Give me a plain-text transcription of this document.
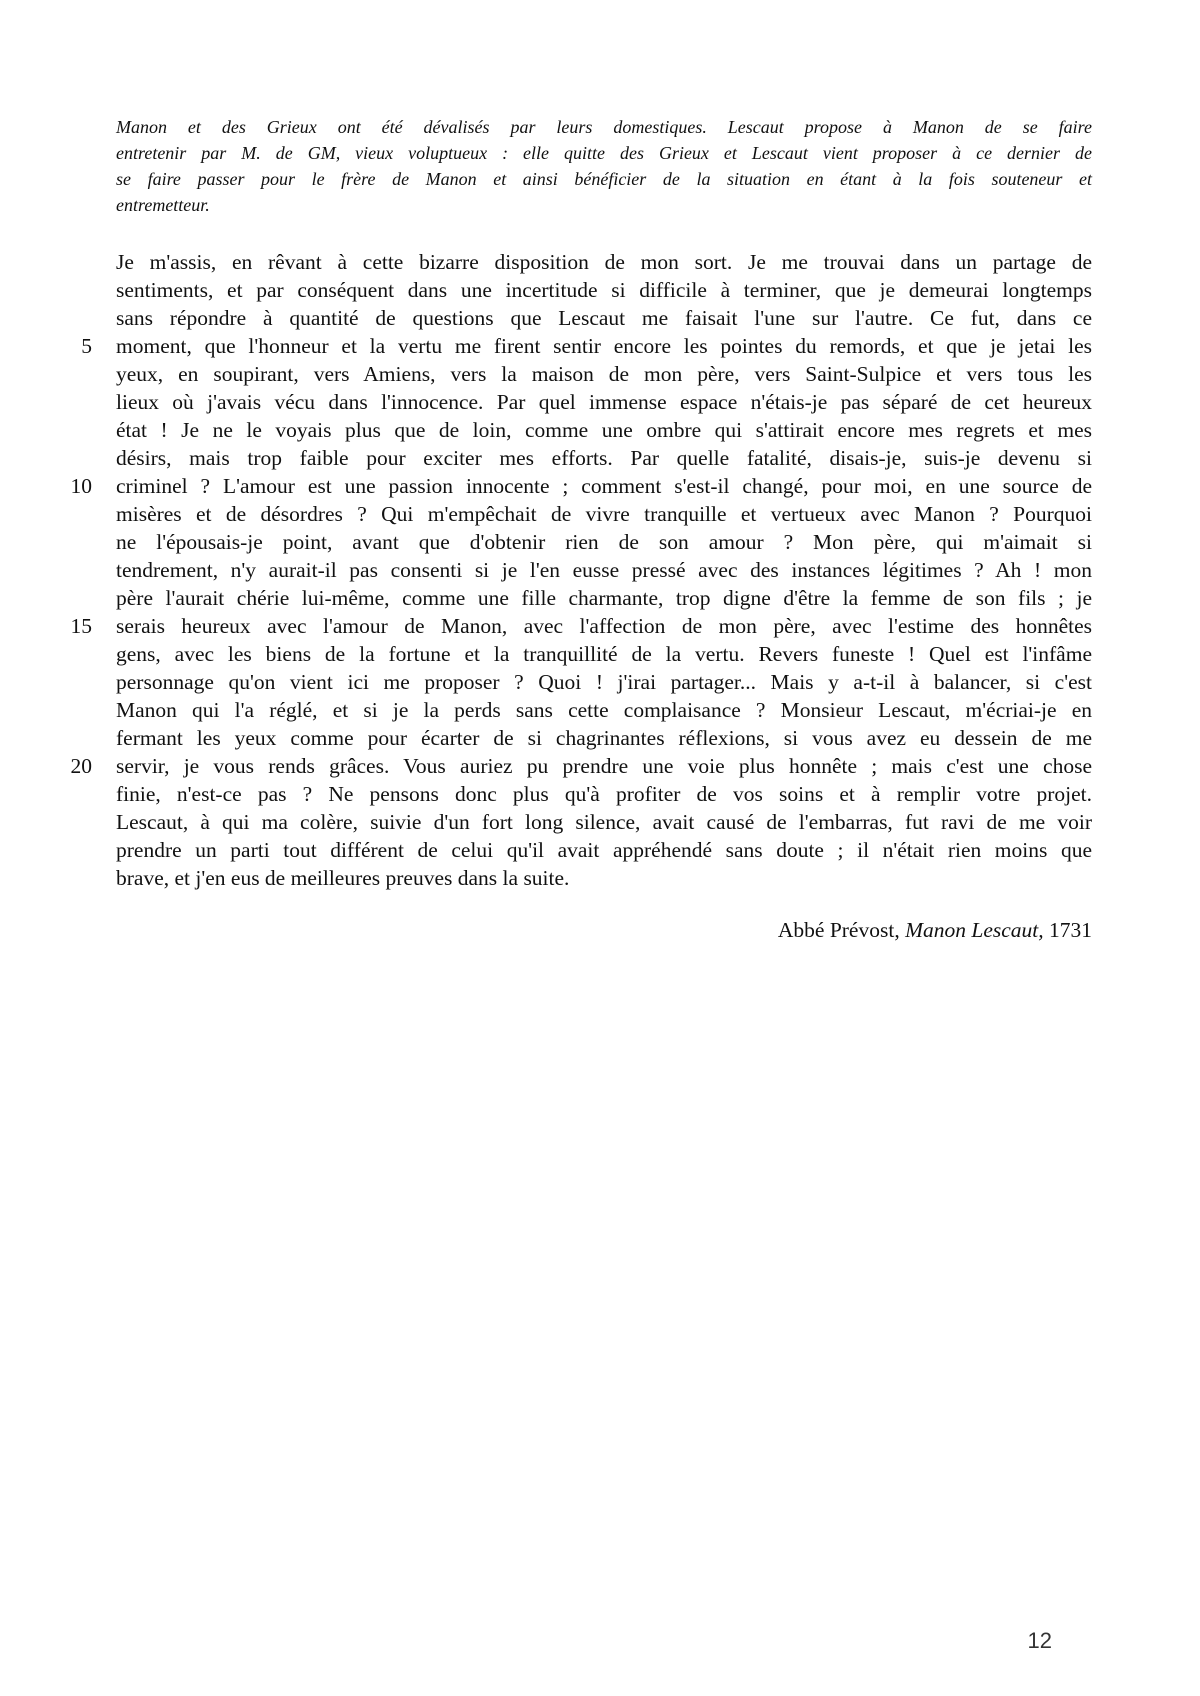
Manon et des Grieux ont été dévalisés par leurs domestiques. Lescaut propose à Manon de se faire
entretenir par M. de GM, vieux voluptueux : elle quitte des Grieux et Lescaut vient proposer à ce dernier de
se faire passer pour le frère de Manon et ainsi bénéficier de la situation en étant à la fois souteneur et
entremetteur.
5
10
15
20
Je m'assis, en rêvant à cette bizarre disposition de mon sort. Je me trouvai dans un partage de
sentiments, et par conséquent dans une incertitude si difficile à terminer, que je demeurai longtemps
sans répondre à quantité de questions que Lescaut me faisait l'une sur l'autre. Ce fut, dans ce
moment, que l'honneur et la vertu me firent sentir encore les pointes du remords, et que je jetai les
yeux, en soupirant, vers Amiens, vers la maison de mon père, vers Saint-Sulpice et vers tous les
lieux où j'avais vécu dans l'innocence. Par quel immense espace n'étais-je pas séparé de cet heureux
état ! Je ne le voyais plus que de loin, comme une ombre qui s'attirait encore mes regrets et mes
désirs, mais trop faible pour exciter mes efforts. Par quelle fatalité, disais-je, suis-je devenu si
criminel ? L'amour est une passion innocente ; comment s'est-il changé, pour moi, en une source de
misères et de désordres ? Qui m'empêchait de vivre tranquille et vertueux avec Manon ? Pourquoi
ne l'épousais-je point, avant que d'obtenir rien de son amour ? Mon père, qui m'aimait si
tendrement, n'y aurait-il pas consenti si je l'en eusse pressé avec des instances légitimes ? Ah ! mon
père l'aurait chérie lui-même, comme une fille charmante, trop digne d'être la femme de son fils ; je
serais heureux avec l'amour de Manon, avec l'affection de mon père, avec l'estime des honnêtes
gens, avec les biens de la fortune et la tranquillité de la vertu. Revers funeste ! Quel est l'infâme
personnage qu'on vient ici me proposer ? Quoi ! j'irai partager... Mais y a-t-il à balancer, si c'est
Manon qui l'a réglé, et si je la perds sans cette complaisance ? Monsieur Lescaut, m'écriai-je en
fermant les yeux comme pour écarter de si chagrinantes réflexions, si vous avez eu dessein de me
servir, je vous rends grâces. Vous auriez pu prendre une voie plus honnête ; mais c'est une chose
finie, n'est-ce pas ? Ne pensons donc plus qu'à profiter de vos soins et à remplir votre projet.
Lescaut, à qui ma colère, suivie d'un fort long silence, avait causé de l'embarras, fut ravi de me voir
prendre un parti tout différent de celui qu'il avait appréhendé sans doute ; il n'était rien moins que
brave, et j'en eus de meilleures preuves dans la suite.
Abbé Prévost, Manon Lescaut, 1731
12
